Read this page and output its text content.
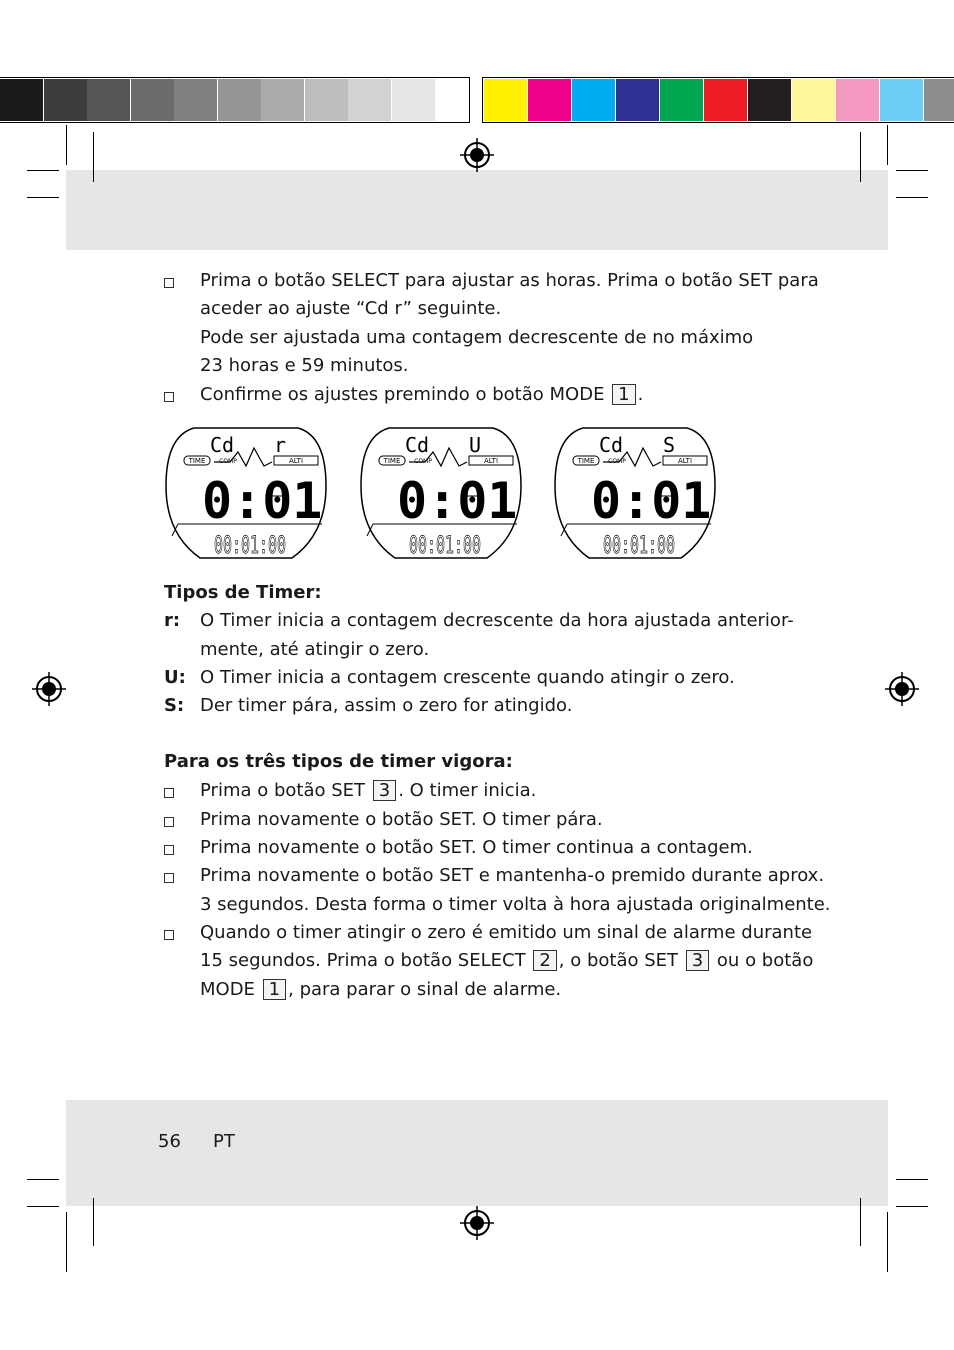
Prima o botão SELECT para ajustar as horas. Prima o botão SET para
aceder ao ajuste “Cd r” seguinte.
Pode ser ajustada uma contagem decrescente de no máximo
23 horas e 59 minutos.
Confirme os ajustes premindo o botão MODE 1 .
TIME COMP	ALTI
Cd r
0:01
00:01:00
TIME COMP	ALTI
Cd U
0:01
00:01:00
TIME COMP	ALTI
Cd S
0:01
00:01:00
Tipos de Timer:
r: O Timer inicia a contagem decrescente da hora ajustada anterior-
mente, até atingir o zero.
U: O Timer inicia a contagem crescente quando atingir o zero.
S: Der timer pára, assim o zero for atingido.
Para os três tipos de timer vigora:
Prima o botão SET 3 . O timer inicia.
Prima novamente o botão SET. O timer pára.
Prima novamente o botão SET. O timer continua a contagem.
Prima novamente o botão SET e mantenha-o premido durante aprox.
3 segundos. Desta forma o timer volta à hora ajustada originalmente.
Quando o timer atingir o zero é emitido um sinal de alarme durante
15 segundos. Prima o botão SELECT 2 , o botão SET 3 ou o botão
MODE 1 , para parar o sinal de alarme.
56 PT
